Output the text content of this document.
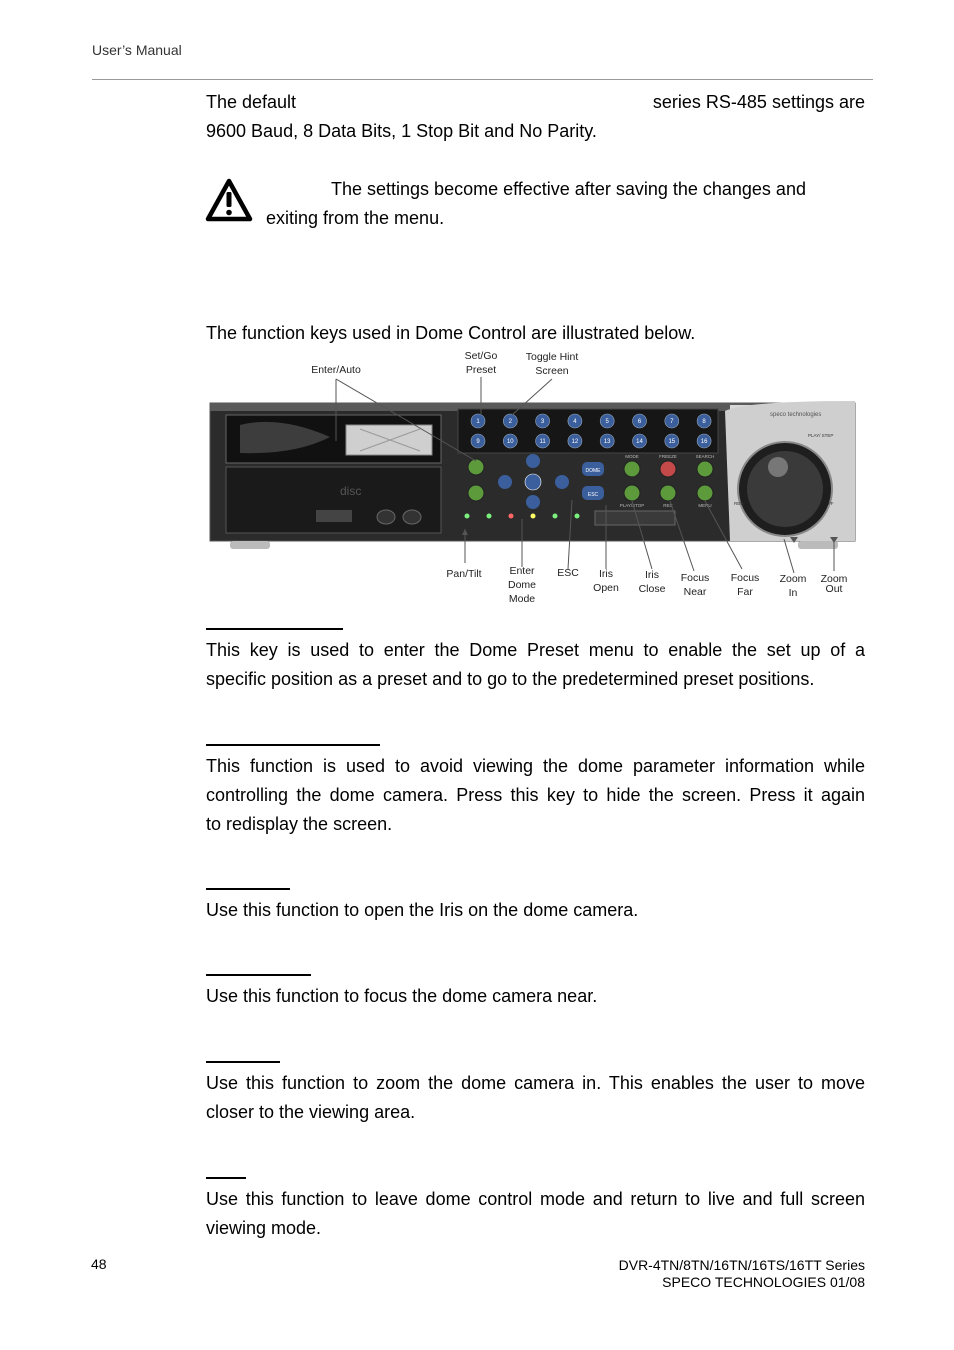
User’s Manual
The default	series RS-485 settings are
9600 Baud, 8 Data Bits, 1 Stop Bit and No Parity.
The settings become effective after saving the changes and
exiting from the menu.
The function keys used in Dome Control are illustrated below.
Enter/Auto
Set/Go
Preset
Toggle Hint
Screen
disc
1	2	3	4	5	6	7	8
9	10	11	12	13	14	15	16
DOME
ESC
MODE	FREEZE	SEARCH
PLAY/STOP	REC	MENU
speco technologies
PLAY/ STEP
REW	FF
Pan/Tilt	Enter
Dome
Mode
ESC Iris
Open
Iris
Close
Focus
Near
Focus
Far
Zoom
In
Zoom
Out
This key is used to enter the Dome Preset menu to enable the set up of a
specific position as a preset and to go to the predetermined preset positions.
This function is used to avoid viewing the dome parameter information while
controlling the dome camera. Press this key to hide the screen. Press it again
to redisplay the screen.
Use this function to open the Iris on the dome camera.
Use this function to focus the dome camera near.
Use this function to zoom the dome camera in. This enables the user to move
closer to the viewing area.
Use this function to leave dome control mode and return to live and full screen
viewing mode.
48	DVR-4TN/8TN/16TN/16TS/16TT Series
SPECO TECHNOLOGIES 01/08
